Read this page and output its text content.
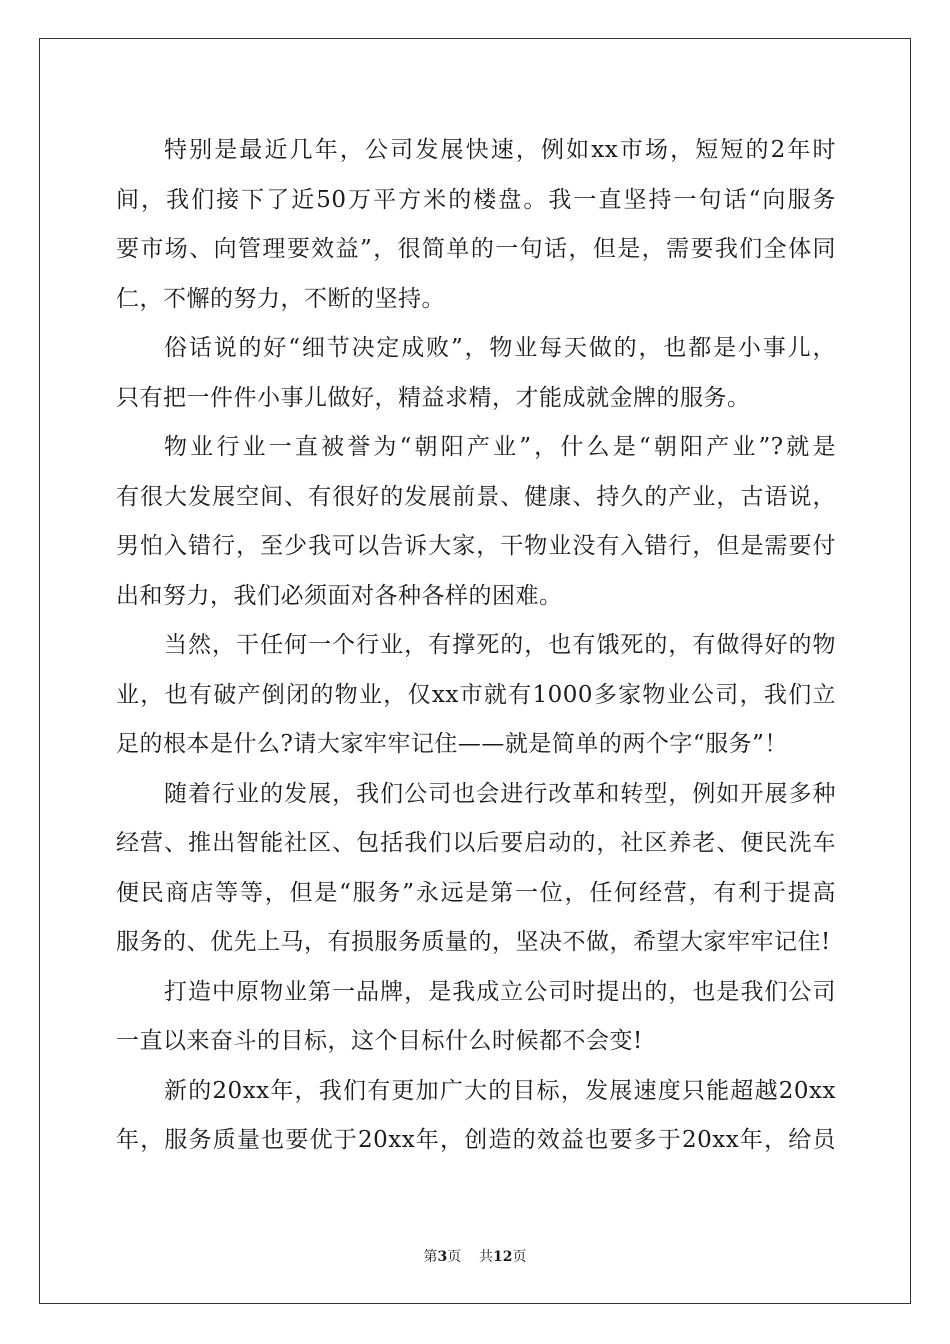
特别是最近几年，公司发展快速，例如xx市场，短短的2年时
间，我们接下了近50万平方米的楼盘。我一直坚持一句话“向服务
要市场、向管理要效益”，很简单的一句话，但是，需要我们全体同
仁，不懈的努力，不断的坚持。
俗话说的好“细节决定成败”，物业每天做的，也都是小事儿，
只有把一件件小事儿做好，精益求精，才能成就金牌的服务。
物业行业一直被誉为“朝阳产业”，什么是“朝阳产业”?就是
有很大发展空间、有很好的发展前景、健康、持久的产业，古语说，
男怕入错行，至少我可以告诉大家，干物业没有入错行，但是需要付
出和努力，我们必须面对各种各样的困难。
当然，干任何一个行业，有撑死的，也有饿死的，有做得好的物
业，也有破产倒闭的物业，仅xx市就有1000多家物业公司，我们立
足的根本是什么?请大家牢牢记住——就是简单的两个字“服务”！
随着行业的发展，我们公司也会进行改革和转型，例如开展多种
经营、推出智能社区、包括我们以后要启动的，社区养老、便民洗车
便民商店等等，但是“服务”永远是第一位，任何经营，有利于提高
服务的、优先上马，有损服务质量的，坚决不做，希望大家牢牢记住!
打造中原物业第一品牌，是我成立公司时提出的，也是我们公司
一直以来奋斗的目标，这个目标什么时候都不会变!
新的20xx年，我们有更加广大的目标，发展速度只能超越20xx
年，服务质量也要优于20xx年，创造的效益也要多于20xx年，给员
第3页 共12页
